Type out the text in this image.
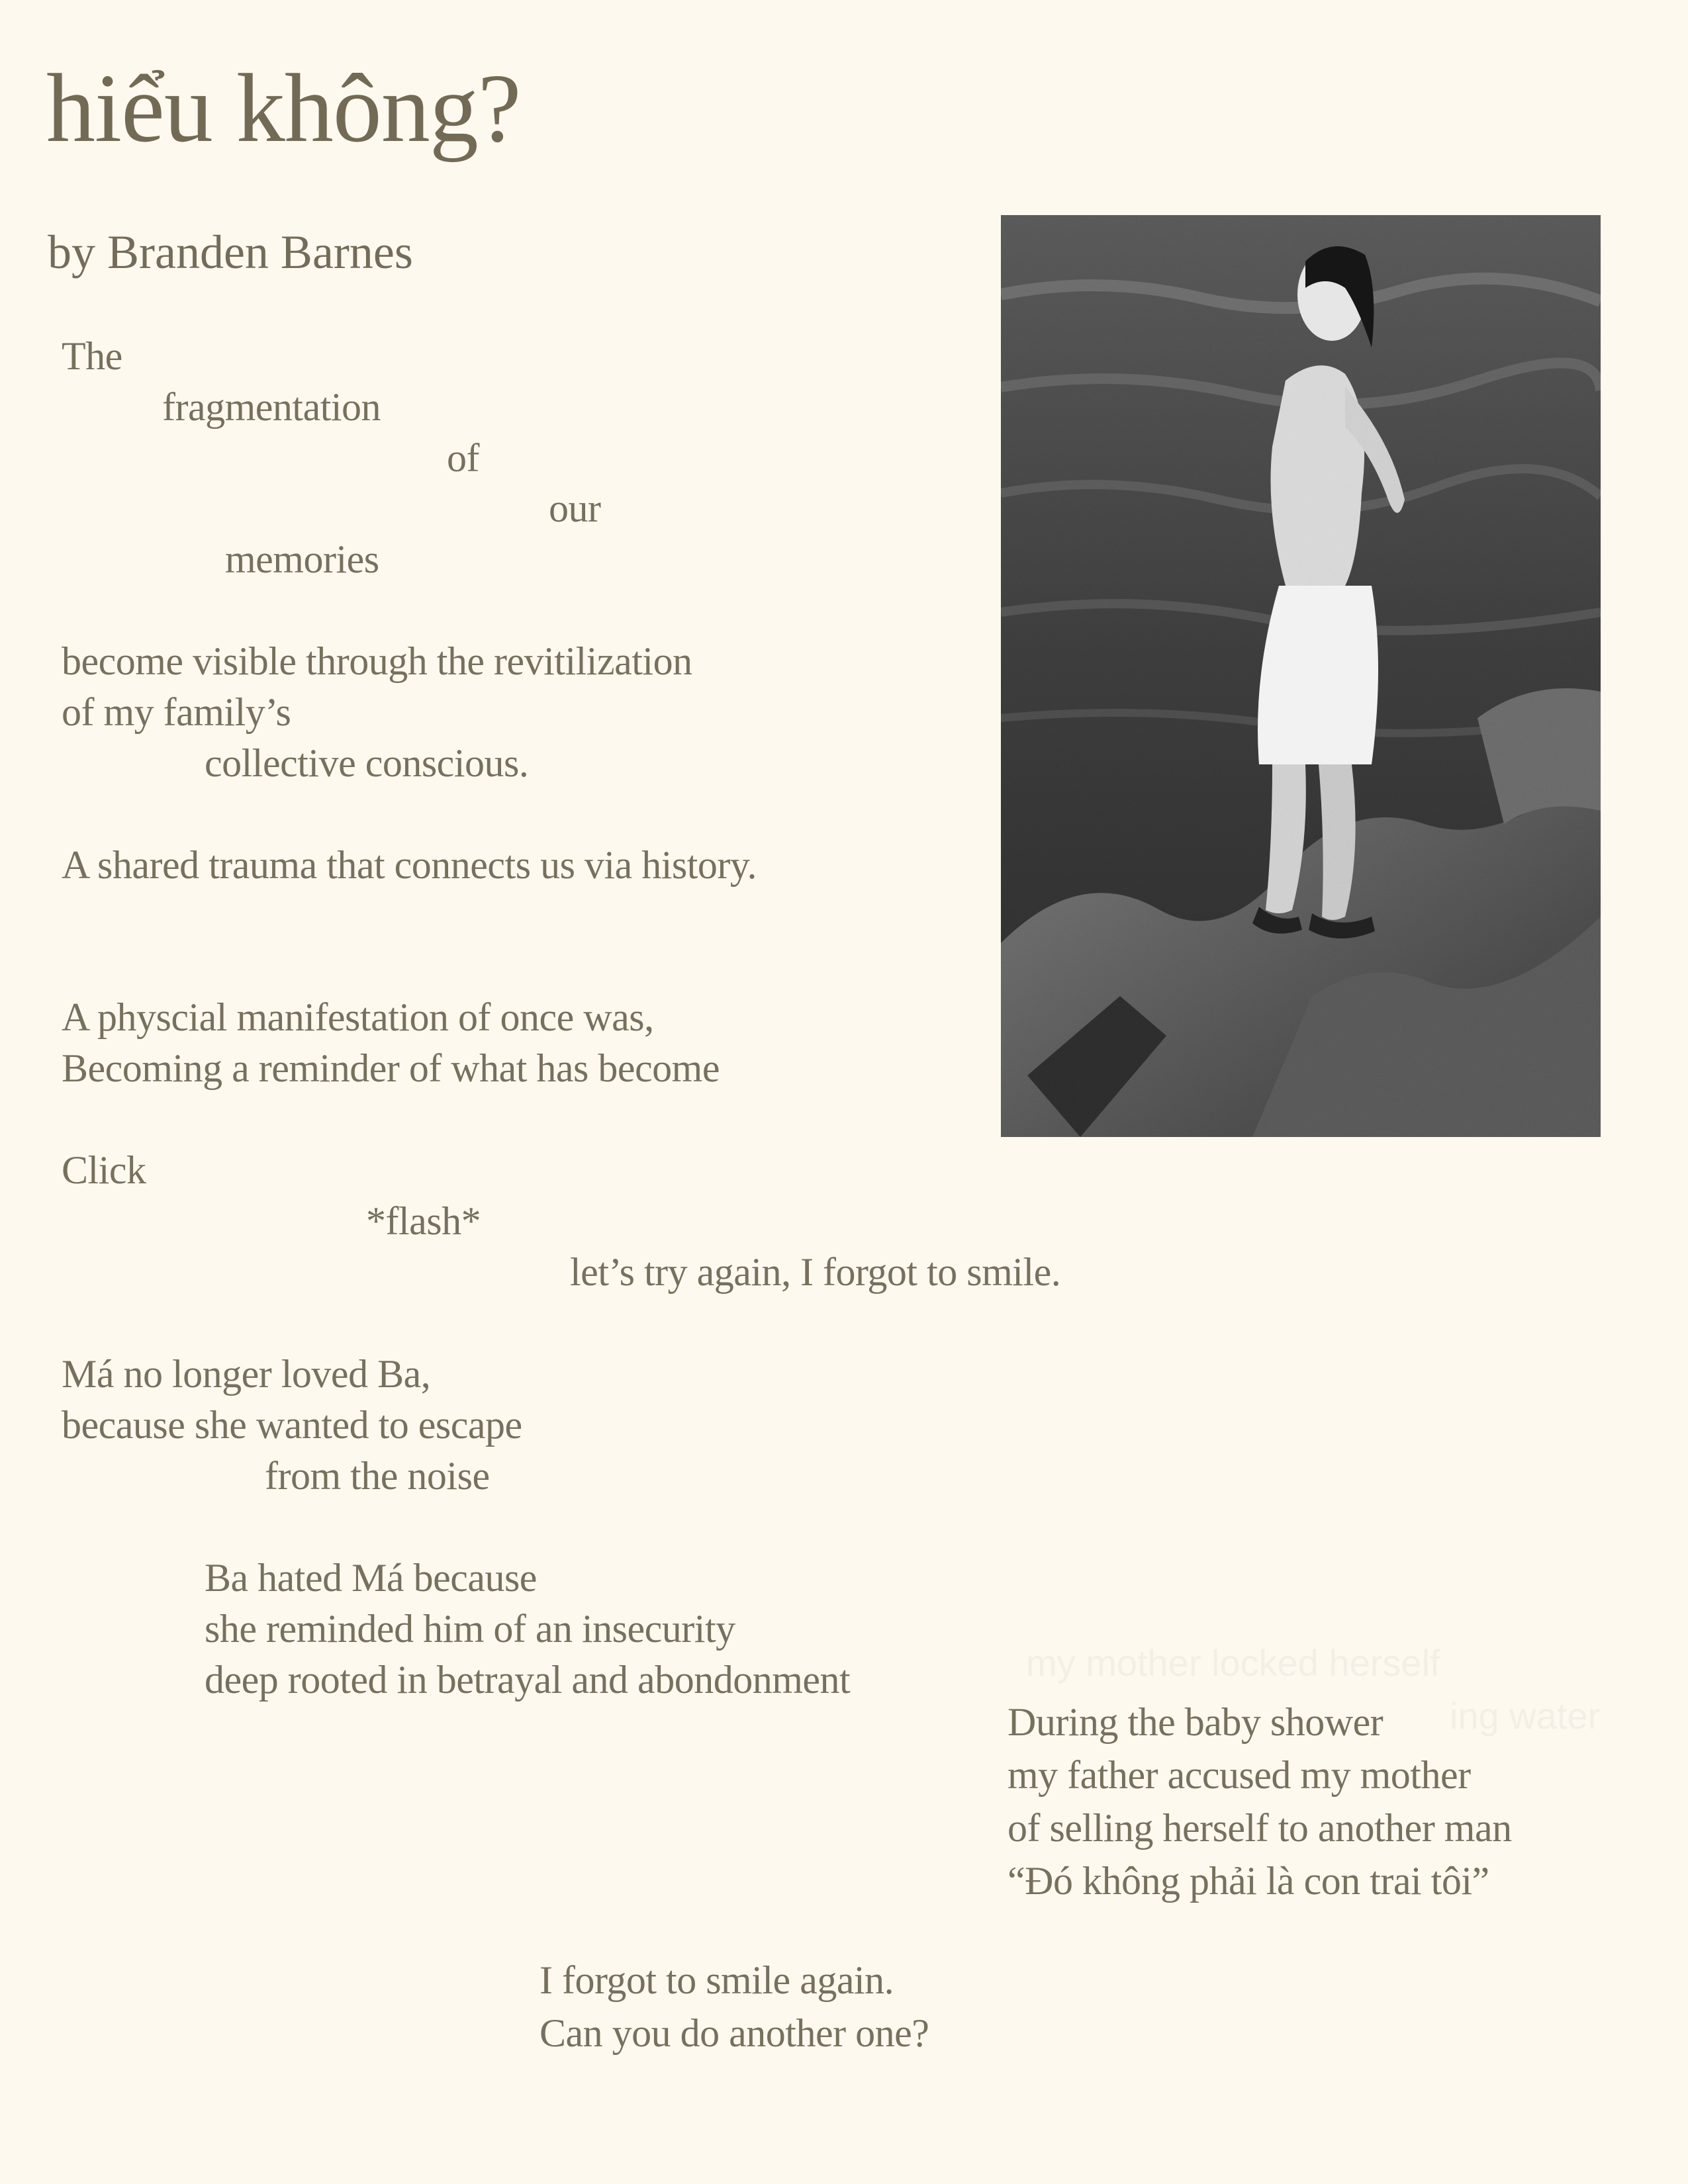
hiểu không?
by Branden Barnes
The
fragmentation
of
our
memories
become visible through the revitilization
of my family’s
collective conscious.
A shared trauma that connects us via history.
A physcial manifestation of once was,
Becoming a reminder of what has become
Click
*flash*
let’s try again, I forgot to smile.
Má no longer loved Ba,
because she wanted to escape
from the noise
Ba hated Má because
she reminded him of an insecurity
deep rooted in betrayal and abondonment	my mother locked herself
ing water
During the baby shower
my father accused my mother
of selling herself to another man
“Đó không phải là con trai tôi”
I forgot to smile again.
Can you do another one?
